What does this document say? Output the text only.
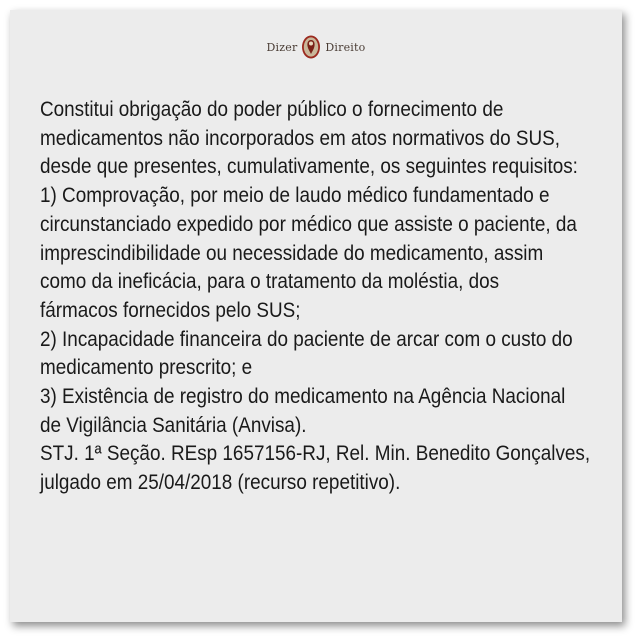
Dizer	Direito
Constitui obrigação do poder público o fornecimento de
medicamentos não incorporados em atos normativos do SUS,
desde que presentes, cumulativamente, os seguintes requisitos:
1) Comprovação, por meio de laudo médico fundamentado e
circunstanciado expedido por médico que assiste o paciente, da
imprescindibilidade ou necessidade do medicamento, assim
como da ineficácia, para o tratamento da moléstia, dos
fármacos fornecidos pelo SUS;
2) Incapacidade financeira do paciente de arcar com o custo do
medicamento prescrito; e
3) Existência de registro do medicamento na Agência Nacional
de Vigilância Sanitária (Anvisa).
STJ. 1ª Seção. REsp 1657156-RJ, Rel. Min. Benedito Gonçalves,
julgado em 25/04/2018 (recurso repetitivo).
